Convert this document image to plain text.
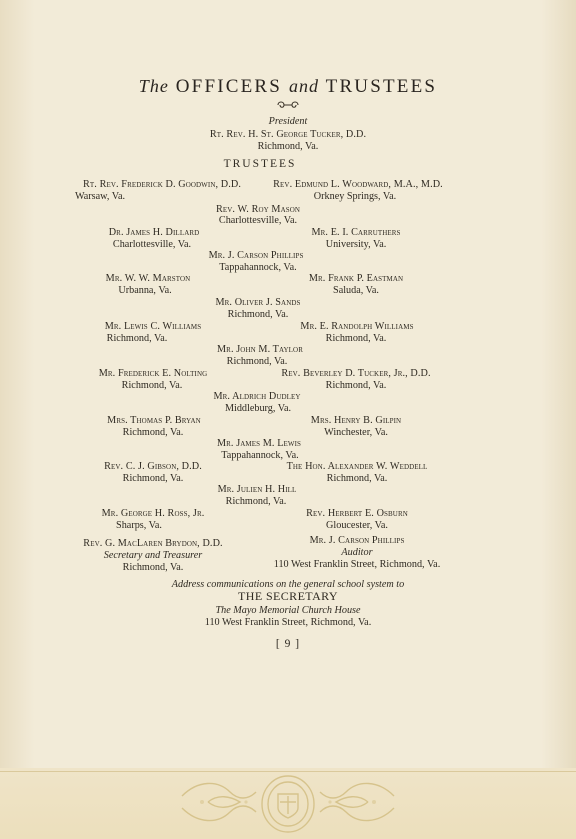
The OFFICERS and TRUSTEES
President
Rt. Rev. H. St. George Tucker, D.D.
Richmond, Va.
TRUSTEES
Rt. Rev. Frederick D. Goodwin, D.D.
Warsaw, Va.
Rev. Edmund L. Woodward, M.A., M.D.
Orkney Springs, Va.
Rev. W. Roy Mason
Charlottesville, Va.
Dr. James H. Dillard
Charlottesville, Va.
Mr. E. I. Carruthers
University, Va.
Mr. J. Carson Phillips
Tappahannock, Va.
Mr. W. W. Marston
Urbanna, Va.
Mr. Frank P. Eastman
Saluda, Va.
Mr. Oliver J. Sands
Richmond, Va.
Mr. Lewis C. Williams
Richmond, Va.
Mr. E. Randolph Williams
Richmond, Va.
Mr. John M. Taylor
Richmond, Va.
Mr. Frederick E. Nolting
Richmond, Va.
Rev. Beverley D. Tucker, Jr., D.D.
Richmond, Va.
Mr. Aldrich Dudley
Middleburg, Va.
Mrs. Thomas P. Bryan
Richmond, Va.
Mrs. Henry B. Gilpin
Winchester, Va.
Mr. James M. Lewis
Tappahannock, Va.
Rev. C. J. Gibson, D.D.
Richmond, Va.
The Hon. Alexander W. Weddell
Richmond, Va.
Mr. Julien H. Hill
Richmond, Va.
Mr. George H. Ross, Jr.
Sharps, Va.
Rev. Herbert E. Osburn
Gloucester, Va.
Rev. G. MacLaren Brydon, D.D.
Secretary and Treasurer
Richmond, Va.
Mr. J. Carson Phillips
Auditor
110 West Franklin Street, Richmond, Va.
Address communications on the general school system to
THE SECRETARY
The Mayo Memorial Church House
110 West Franklin Street, Richmond, Va.
[ 9 ]
